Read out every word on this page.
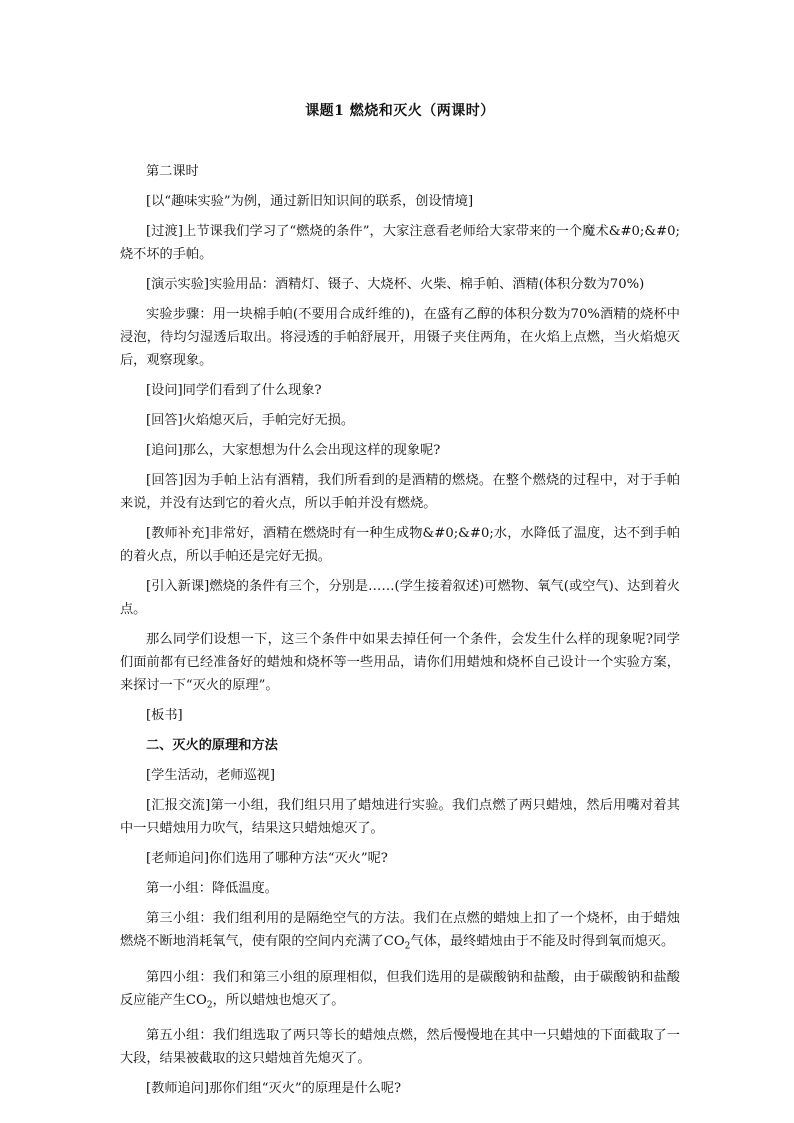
课题1 燃烧和灭火（两课时）

第二课时

[以“趣味实验”为例，通过新旧知识间的联系，创设情境]

[过渡]上节课我们学习了“燃烧的条件”，大家注意看老师给大家带来的一个魔术&#0;&#0;烧不坏的手帕。

[演示实验]实验用品：酒精灯、镊子、大烧杯、火柴、棉手帕、酒精(体积分数为70%)

实验步骤：用一块棉手帕(不要用合成纤维的)，在盛有乙醇的体积分数为70%酒精的烧杯中浸泡，待均匀湿透后取出。将浸透的手帕舒展开，用镊子夹住两角，在火焰上点燃，当火焰熄灭后，观察现象。

[设问]同学们看到了什么现象?

[回答]火焰熄灭后，手帕完好无损。

[追问]那么，大家想想为什么会出现这样的现象呢?

[回答]因为手帕上沾有酒精，我们所看到的是酒精的燃烧。在整个燃烧的过程中，对于手帕来说，并没有达到它的着火点，所以手帕并没有燃烧。

[教师补充]非常好，酒精在燃烧时有一种生成物&#0;&#0;水，水降低了温度，达不到手帕的着火点，所以手帕还是完好无损。

[引入新课]燃烧的条件有三个，分别是……(学生接着叙述)可燃物、氧气(或空气)、达到着火点。

那么同学们设想一下，这三个条件中如果去掉任何一个条件，会发生什么样的现象呢?同学们面前都有已经准备好的蜡烛和烧杯等一些用品，请你们用蜡烛和烧杯自己设计一个实验方案，来探讨一下“灭火的原理”。

[板书]

二、灭火的原理和方法

[学生活动，老师巡视]

[汇报交流]第一小组，我们组只用了蜡烛进行实验。我们点燃了两只蜡烛，然后用嘴对着其中一只蜡烛用力吹气，结果这只蜡烛熄灭了。

[老师追问]你们选用了哪种方法“灭火”呢?

第一小组：降低温度。

第三小组：我们组利用的是隔绝空气的方法。我们在点燃的蜡烛上扣了一个烧杯，由于蜡烛燃烧不断地消耗氧气，使有限的空间内充满了$CO_2$气体，最终蜡烛由于不能及时得到氧而熄灭。

第四小组：我们和第三小组的原理相似，但我们选用的是碳酸钠和盐酸，由于碳酸钠和盐酸反应能产生$CO_2$，所以蜡烛也熄灭了。

第五小组：我们组选取了两只等长的蜡烛点燃，然后慢慢地在其中一只蜡烛的下面截取了一大段，结果被截取的这只蜡烛首先熄灭了。

[教师追问]那你们组“灭火”的原理是什么呢?
